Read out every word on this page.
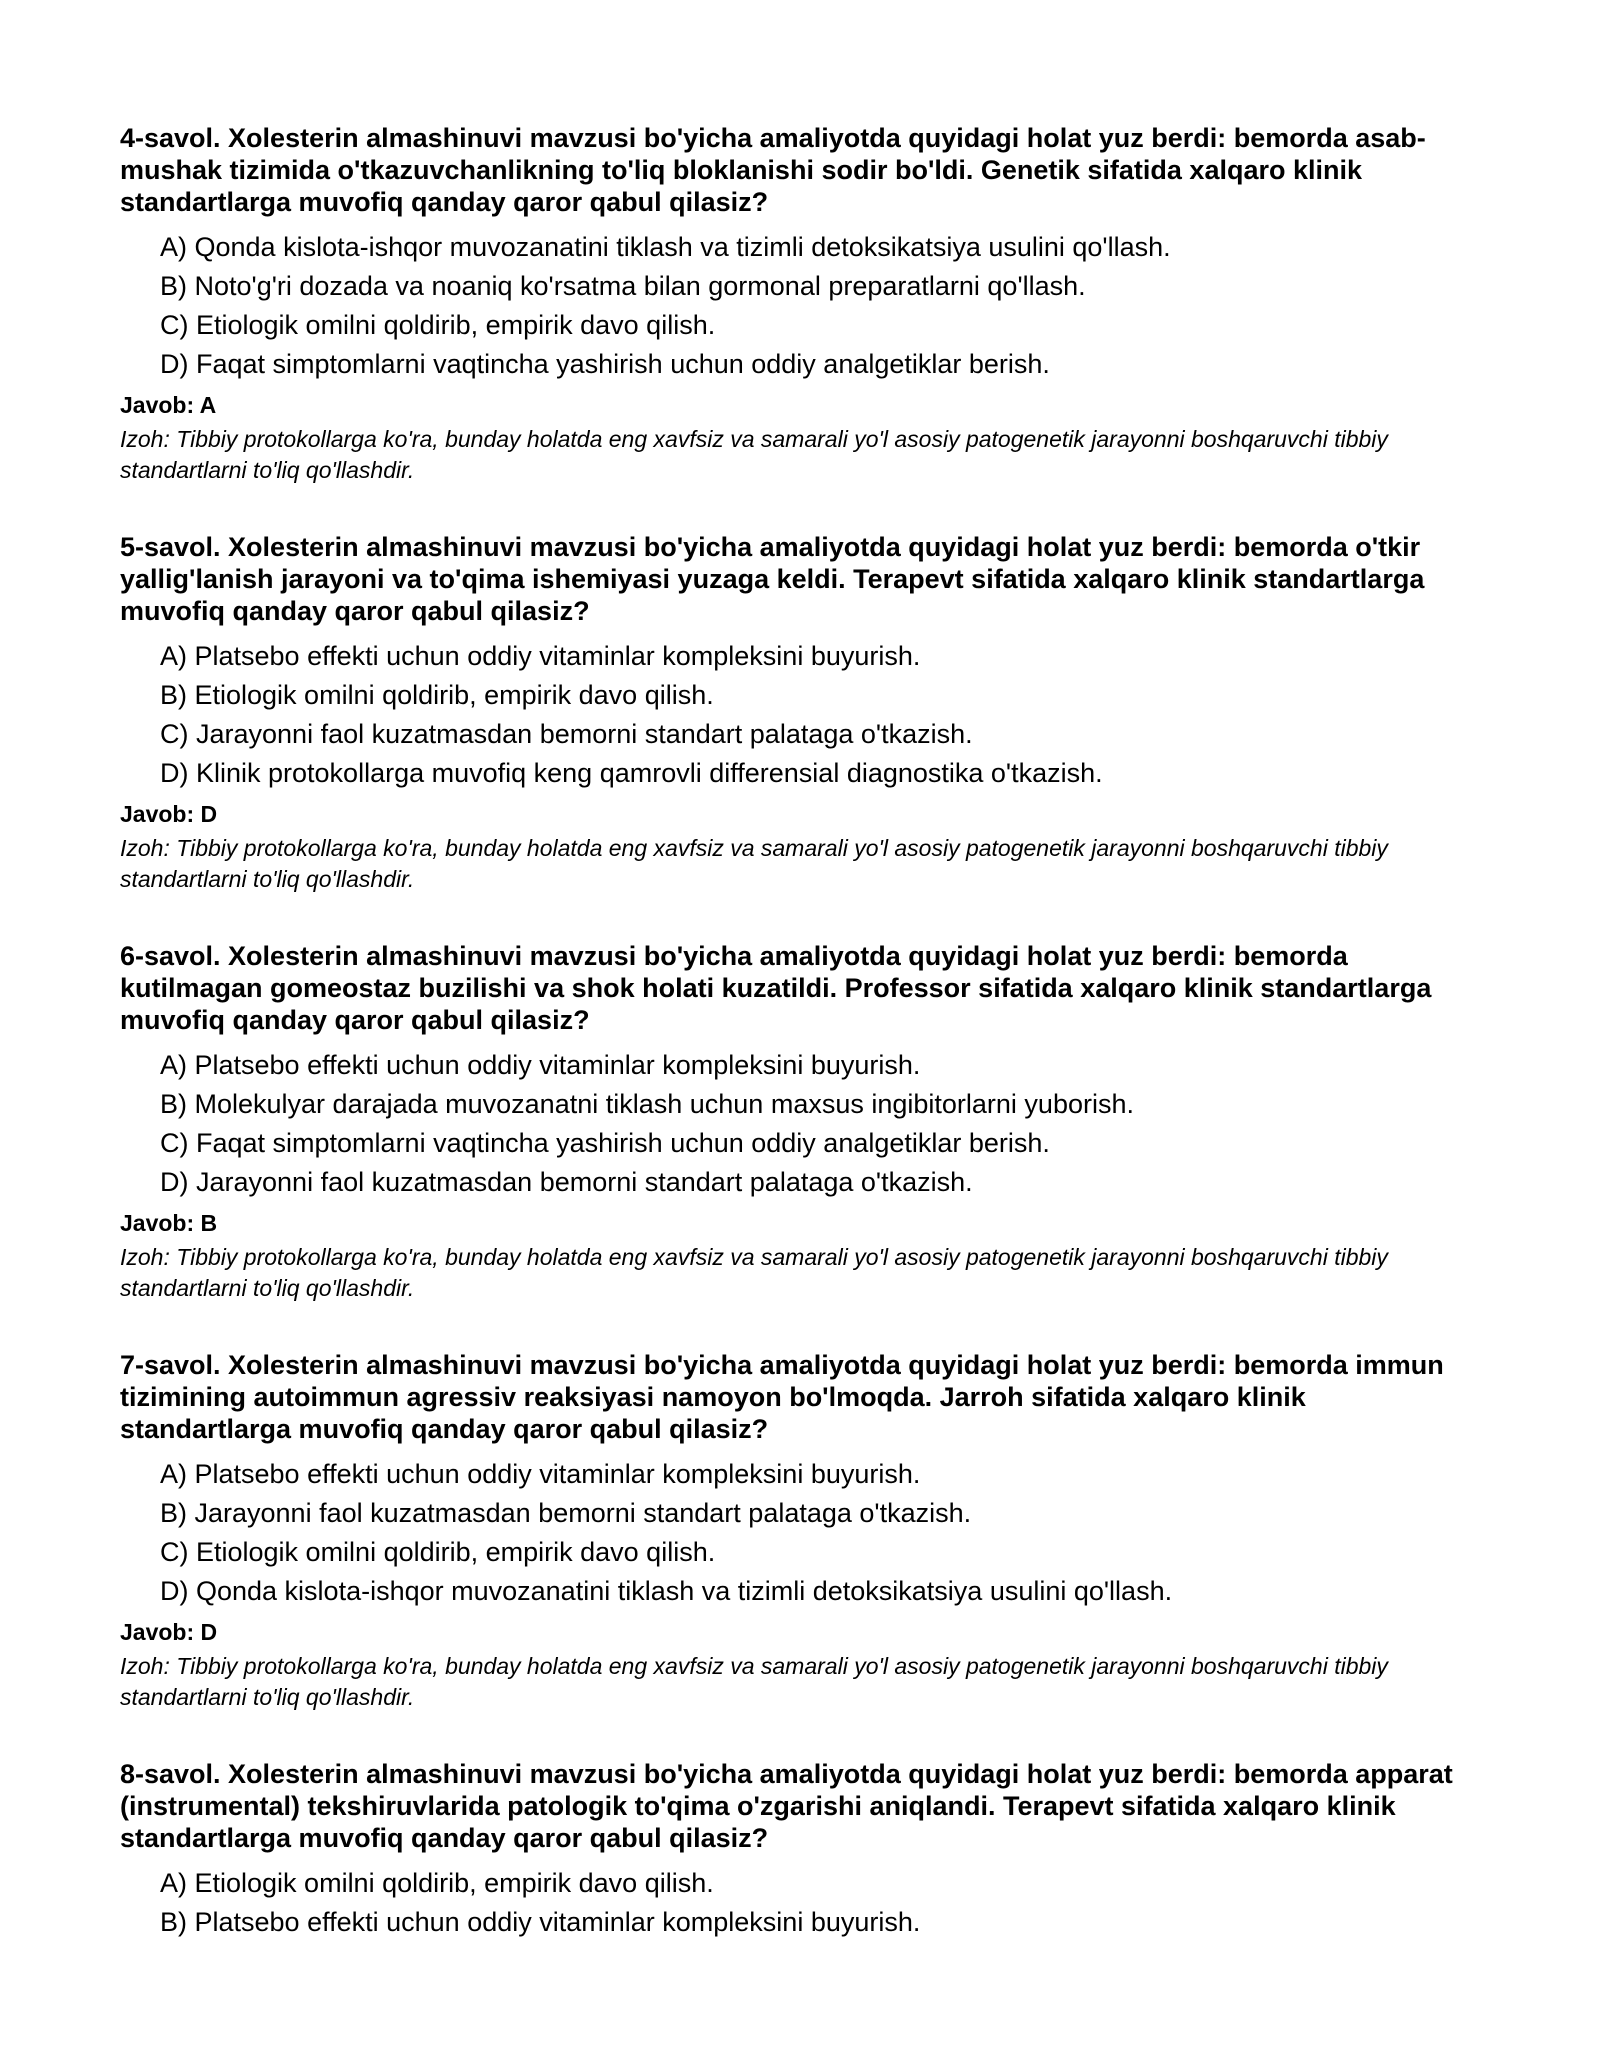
4-savol. Xolesterin almashinuvi mavzusi bo'yicha amaliyotda quyidagi holat yuz berdi: bemorda asab-mushak tizimida o'tkazuvchanlikning to'liq bloklanishi sodir bo'ldi. Genetik sifatida xalqaro klinik standartlarga muvofiq qanday qaror qabul qilasiz?

A) Qonda kislota-ishqor muvozanatini tiklash va tizimli detoksikatsiya usulini qo'llash.
B) Noto'g'ri dozada va noaniq ko'rsatma bilan gormonal preparatlarni qo'llash.
C) Etiologik omilni qoldirib, empirik davo qilish.
D) Faqat simptomlarni vaqtincha yashirish uchun oddiy analgetiklar berish.

Javob: A

Izoh: Tibbiy protokollarga ko'ra, bunday holatda eng xavfsiz va samarali yo'l asosiy patogenetik jarayonni boshqaruvchi tibbiy standartlarni to'liq qo'llashdir.

5-savol. Xolesterin almashinuvi mavzusi bo'yicha amaliyotda quyidagi holat yuz berdi: bemorda o'tkir yallig'lanish jarayoni va to'qima ishemiyasi yuzaga keldi. Terapevt sifatida xalqaro klinik standartlarga muvofiq qanday qaror qabul qilasiz?

A) Platsebo effekti uchun oddiy vitaminlar kompleksini buyurish.
B) Etiologik omilni qoldirib, empirik davo qilish.
C) Jarayonni faol kuzatmasdan bemorni standart palataga o'tkazish.
D) Klinik protokollarga muvofiq keng qamrovli differensial diagnostika o'tkazish.

Javob: D

Izoh: Tibbiy protokollarga ko'ra, bunday holatda eng xavfsiz va samarali yo'l asosiy patogenetik jarayonni boshqaruvchi tibbiy standartlarni to'liq qo'llashdir.

6-savol. Xolesterin almashinuvi mavzusi bo'yicha amaliyotda quyidagi holat yuz berdi: bemorda kutilmagan gomeostaz buzilishi va shok holati kuzatildi. Professor sifatida xalqaro klinik standartlarga muvofiq qanday qaror qabul qilasiz?

A) Platsebo effekti uchun oddiy vitaminlar kompleksini buyurish.
B) Molekulyar darajada muvozanatni tiklash uchun maxsus ingibitorlarni yuborish.
C) Faqat simptomlarni vaqtincha yashirish uchun oddiy analgetiklar berish.
D) Jarayonni faol kuzatmasdan bemorni standart palataga o'tkazish.

Javob: B

Izoh: Tibbiy protokollarga ko'ra, bunday holatda eng xavfsiz va samarali yo'l asosiy patogenetik jarayonni boshqaruvchi tibbiy standartlarni to'liq qo'llashdir.

7-savol. Xolesterin almashinuvi mavzusi bo'yicha amaliyotda quyidagi holat yuz berdi: bemorda immun tizimining autoimmun agressiv reaksiyasi namoyon bo'lmoqda. Jarroh sifatida xalqaro klinik standartlarga muvofiq qanday qaror qabul qilasiz?

A) Platsebo effekti uchun oddiy vitaminlar kompleksini buyurish.
B) Jarayonni faol kuzatmasdan bemorni standart palataga o'tkazish.
C) Etiologik omilni qoldirib, empirik davo qilish.
D) Qonda kislota-ishqor muvozanatini tiklash va tizimli detoksikatsiya usulini qo'llash.

Javob: D

Izoh: Tibbiy protokollarga ko'ra, bunday holatda eng xavfsiz va samarali yo'l asosiy patogenetik jarayonni boshqaruvchi tibbiy standartlarni to'liq qo'llashdir.

8-savol. Xolesterin almashinuvi mavzusi bo'yicha amaliyotda quyidagi holat yuz berdi: bemorda apparat (instrumental) tekshiruvlarida patologik to'qima o'zgarishi aniqlandi. Terapevt sifatida xalqaro klinik standartlarga muvofiq qanday qaror qabul qilasiz?

A) Etiologik omilni qoldirib, empirik davo qilish.
B) Platsebo effekti uchun oddiy vitaminlar kompleksini buyurish.
